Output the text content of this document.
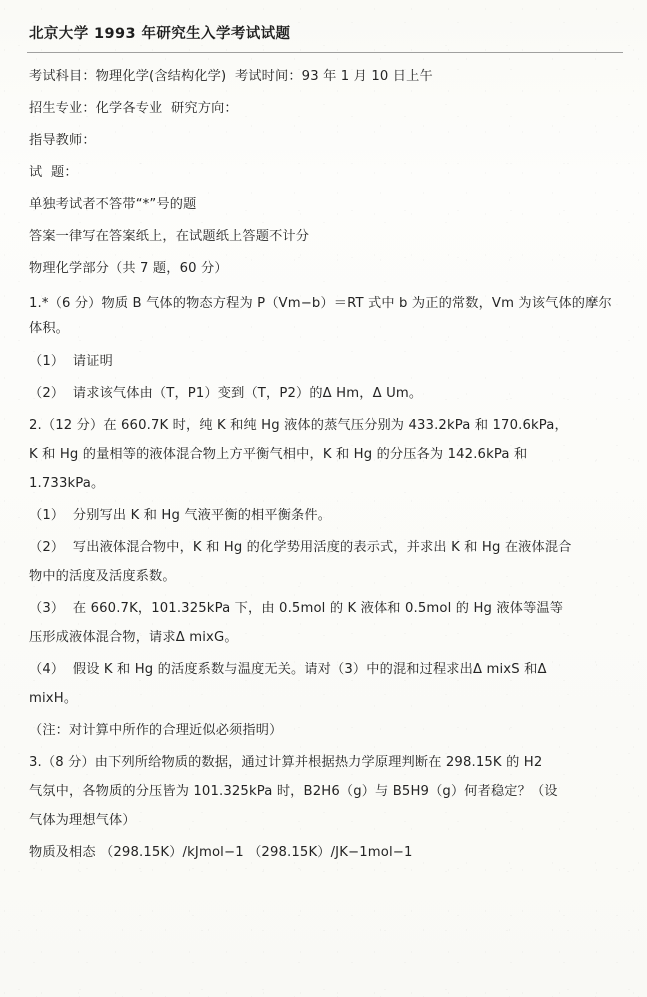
北京大学 1993 年研究生入学考试试题
考试科目：物理化学(含结构化学)  考试时间：93 年 1 月 10 日上午
招生专业：化学各专业  研究方向：
指导教师：
试  题：
单独考试者不答带“*”号的题
答案一律写在答案纸上，在试题纸上答题不计分
物理化学部分（共 7 题，60 分）
1.*（6 分）物质 B 气体的物态方程为 P（Vm−b）＝RT 式中 b 为正的常数，Vm 为该气体的摩尔体积。
（1）  请证明
（2）  请求该气体由（T，P1）变到（T，P2）的Δ Hm，Δ Um。
2.（12 分）在 660.7K 时，纯 K 和纯 Hg 液体的蒸气压分别为 433.2kPa 和 170.6kPa，
K 和 Hg 的量相等的液体混合物上方平衡气相中，K 和 Hg 的分压各为 142.6kPa 和
1.733kPa。
（1）  分别写出 K 和 Hg 气液平衡的相平衡条件。
（2）  写出液体混合物中，K 和 Hg 的化学势用活度的表示式，并求出 K 和 Hg 在液体混合
物中的活度及活度系数。
（3）  在 660.7K，101.325kPa 下，由 0.5mol 的 K 液体和 0.5mol 的 Hg 液体等温等
压形成液体混合物，请求Δ mixG。
（4）  假设 K 和 Hg 的活度系数与温度无关。请对（3）中的混和过程求出Δ mixS 和Δ
mixH。
（注：对计算中所作的合理近似必须指明）
3.（8 分）由下列所给物质的数据，通过计算并根据热力学原理判断在 298.15K 的 H2
气氛中，各物质的分压皆为 101.325kPa 时，B2H6（g）与 B5H9（g）何者稳定？（设
气体为理想气体）
物质及相态 （298.15K）/kJmol−1 （298.15K）/JK−1mol−1
